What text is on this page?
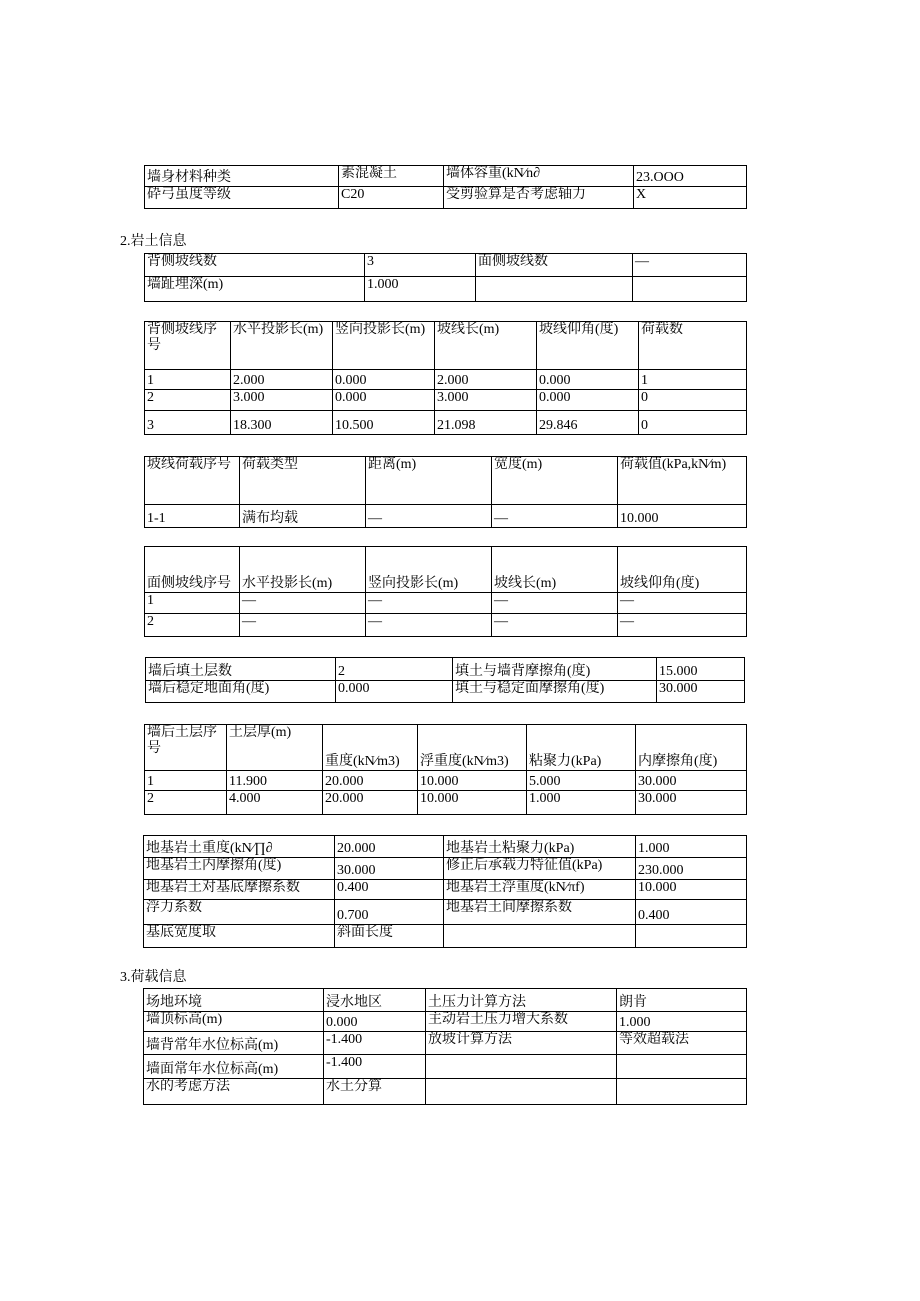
墙身材料种类	素混凝土	墙体容重(kN∕n∂	23.OOO
砕弓虽度等级	C20	受剪验算是否考虑轴力	X
2.岩土信息
背侧坡线数	3	面侧坡线数	—
墙趾埋深(m)	1.000		
背侧坡线序号	水平投影长(m)	竖向投影长(m)	坡线长(m)	坡线仰角(度)	荷载数
1	2.000	0.000	2.000	0.000	1
2	3.000	0.000	3.000	0.000	0
3	18.300	10.500	21.098	29.846	0
坡线荷载序号	荷载类型	距离(m)	宽度(m)	荷载值(kPa,kN∕m)
1-1	满布均载	—	—	10.000
面侧坡线序号	水平投影长(m)	竖向投影长(m)	坡线长(m)	坡线仰角(度)
1	—	—	—	—
2	—	—	—	—
墙后填土层数	2	填土与墙背摩擦角(度)	15.000
墙后稳定地面角(度)	0.000	填土与稳定面摩擦角(度)	30.000
墙后土层序号	土层厚(m)	重度(kN∕m3)	浮重度(kN∕m3)	粘聚力(kPa)	内摩擦角(度)
1	11.900	20.000	10.000	5.000	30.000
2	4.000	20.000	10.000	1.000	30.000
地基岩土重度(kN∕∏∂	20.000	地基岩土粘聚力(kPa)	1.000
地基岩土内摩擦角(度)	30.000	修正后承载力特征值(kPa)	230.000
地基岩土对基底摩擦系数	0.400	地基岩土浮重度(kN∕πf)	10.000
浮力系数	0.700	地基岩土间摩擦系数	0.400
基底宽度取	斜面长度		
3.荷载信息
场地环境	浸水地区	土压力计算方法	朗肯
墙顶标高(m)	0.000	主动岩土压力增大系数	1.000
墙背常年水位标高(m)	-1.400	放坡计算方法	等效超载法
墙面常年水位标高(m)	-1.400		
水的考虑方法	水土分算		
